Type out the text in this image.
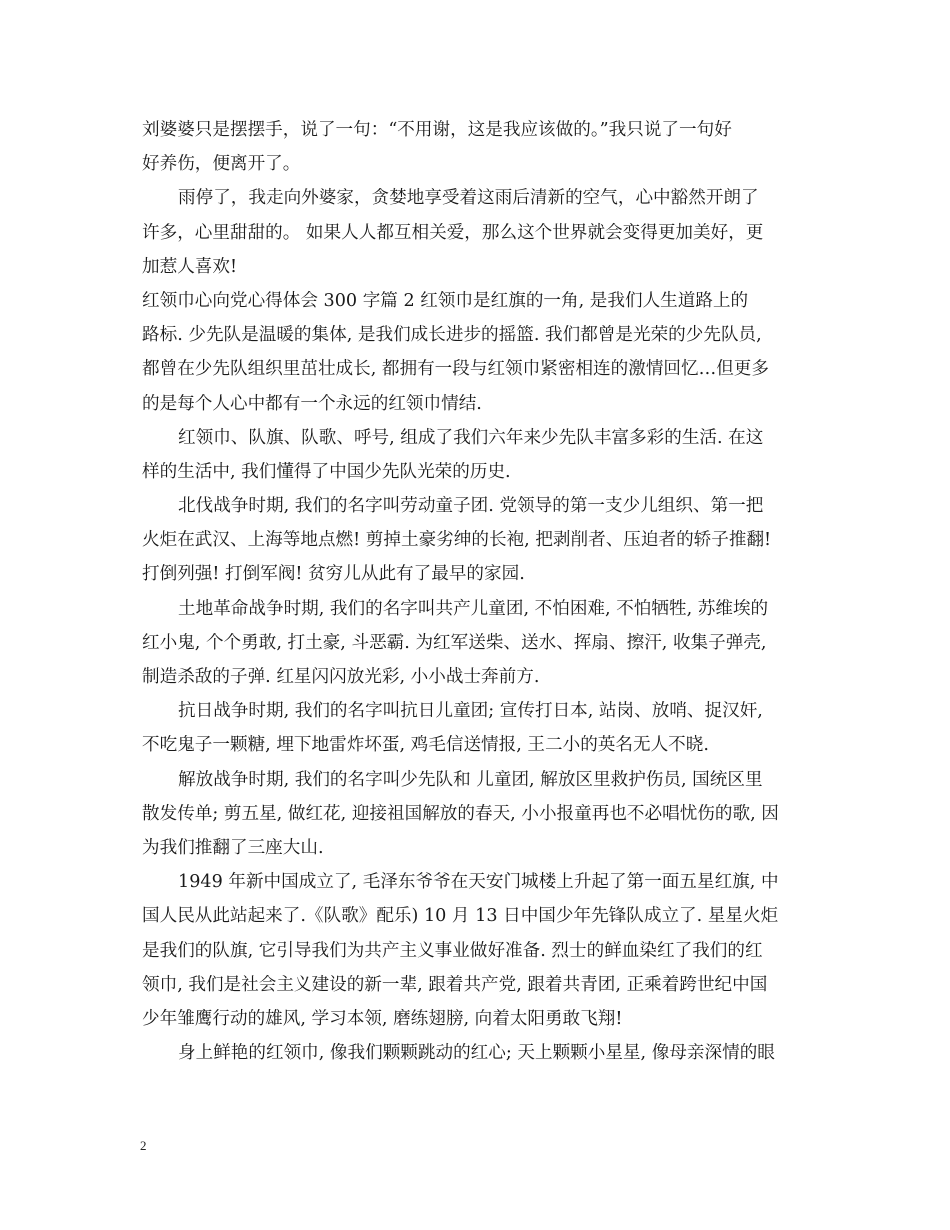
刘婆婆只是摆摆手，说了一句：“不用谢，这是我应该做的。”我只说了一句好
好养伤，便离开了。
雨停了，我走向外婆家，贪婪地享受着这雨后清新的空气，心中豁然开朗了
许多，心里甜甜的。 如果人人都互相关爱，那么这个世界就会变得更加美好，更
加惹人喜欢!
红领巾心向党心得体会 300 字篇 2 红领巾是红旗的一角, 是我们人生道路上的
路标. 少先队是温暖的集体, 是我们成长进步的摇篮. 我们都曾是光荣的少先队员,
都曾在少先队组织里茁壮成长, 都拥有一段与红领巾紧密相连的激情回忆…但更多
的是每个人心中都有一个永远的红领巾情结.
红领巾、队旗、队歌、呼号, 组成了我们六年来少先队丰富多彩的生活. 在这
样的生活中, 我们懂得了中国少先队光荣的历史.
北伐战争时期, 我们的名字叫劳动童子团. 党领导的第一支少儿组织、第一把
火炬在武汉、上海等地点燃! 剪掉土豪劣绅的长袍, 把剥削者、压迫者的轿子推翻!
打倒列强! 打倒军阀! 贫穷儿从此有了最早的家园.
土地革命战争时期, 我们的名字叫共产儿童团, 不怕困难, 不怕牺牲, 苏维埃的
红小鬼, 个个勇敢, 打土豪, 斗恶霸. 为红军送柴、送水、挥扇、擦汗, 收集子弹壳,
制造杀敌的子弹. 红星闪闪放光彩, 小小战士奔前方.
抗日战争时期, 我们的名字叫抗日儿童团; 宣传打日本, 站岗、放哨、捉汉奸,
不吃鬼子一颗糖, 埋下地雷炸坏蛋, 鸡毛信送情报, 王二小的英名无人不晓.
解放战争时期, 我们的名字叫少先队和 儿童团, 解放区里救护伤员, 国统区里
散发传单; 剪五星, 做红花, 迎接祖国解放的春天, 小小报童再也不必唱忧伤的歌, 因
为我们推翻了三座大山.
1949 年新中国成立了, 毛泽东爷爷在天安门城楼上升起了第一面五星红旗, 中
国人民从此站起来了.《队歌》配乐) 10 月 13 日中国少年先锋队成立了. 星星火炬
是我们的队旗, 它引导我们为共产主义事业做好准备. 烈士的鲜血染红了我们的红
领巾, 我们是社会主义建设的新一辈, 跟着共产党, 跟着共青团, 正乘着跨世纪中国
少年雏鹰行动的雄风, 学习本领, 磨练翅膀, 向着太阳勇敢飞翔!
身上鲜艳的红领巾, 像我们颗颗跳动的红心; 天上颗颗小星星, 像母亲深情的眼
2
